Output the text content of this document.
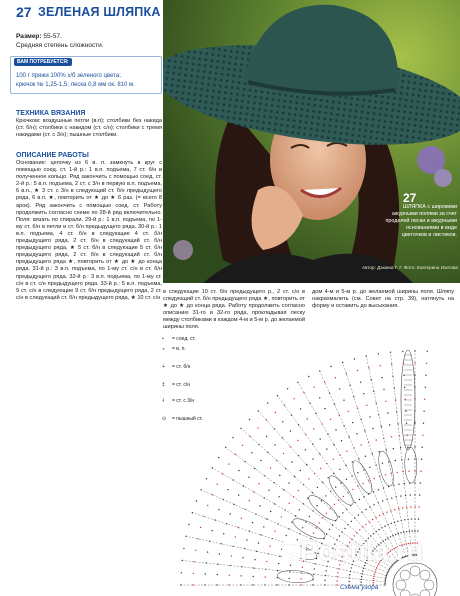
27 ЗЕЛЕНАЯ ШЛЯПКА
Размер: 55-57.
Средняя степень сложности.
ВАМ ПОТРЕБУЕТСЯ:
100 г пряжи 100% х/б зеленого цвета;
крючок № 1,25-1,5; леска 0,8 мм ок. 810 м.
ТЕХНИКА ВЯЗАНИЯ
Крючком: воздушные петли (в.п); столбики без накида (ст. б/н); столбики с накидом (ст. с/н); столбики с тремя накидами (ст. с 3/н); пышные столбики.
ОПИСАНИЕ РАБОТЫ
Основание: цепочку из 6 в. п. замкнуть в круг с помощью соед. ст. 1-й р.: 1 в.п. подъема, 7 ст. б/н в полученное кольцо. Ряд закончить с помощью соед. ст. 2-й р.: 5 в.п. подъема, 2 ст. с 3/н в первую в.п. подъема, 6 в.п., ★ 3 ст. с 3/н в следующий ст. б/н предыдущего ряда, 6 в.п. ★, повторить от ★ до ★ 6 раз. (= всего 8 арок). Ряд закончить с помощью соед. ст. Работу продолжить согласно схеме по 28-й ряд включительно. Поля: вязать по спирали. 29-й р.: 1 в.п. подъема, по 1-му ст. б/н в петли и ст. б/н предыдущего ряда. 30-й р.: 1 в.п. подъема, 4 ст. б/н в следующие 4 ст. б/н предыдущего ряда, 2 ст. б/н в следующий ст. б/н предыдущего ряда, ★ 5 ст. б/н в следующие 5 ст. б/н предыдущего ряда, 2 ст. б/н в следующий ст. б/н предыдущего ряда ★, повторить от ★ до ★ до конца ряда. 31-й р.: 3 в.п. подъема, по 1-му ст. с/н в ст. б/н предыдущего ряда. 32-й р.: 3 в.п. подъема, по 1-му ст. с/н в ст. с/н предыдущего ряда. 33-й р.: 5 в.п. подъема, 9 ст. с/н в следующие 9 ст. б/н предыдущего ряда, 2 ст. с/н в следующий ст. б/н предыдущего ряда, ★ 10 ст. с/н
27
ШЛЯПКА с широкими ажурными полями за счет проделей лески и ажурными основаниями в виде цветочков и листиков.
Автор: Дзюина Г. Г. Фото: Екатерина Изотова
в следующие 10 ст. б/н предыдущего р., 2 ст. с/н в следующий ст. б/н предыдущего ряда ★, повторить от ★ до ★ до конца ряда. Работу продолжить согласно описанию 31-го и 32-го ряда, прокладывая леску между столбиками в каждом 4-м и 5-м р. до желаемой ширины поля.
дом 4-м и 5-м р. до желаемой ширины поля. Шляпу накрахмалить (см. Совет на стр. 39), натянуть на форму и оставить до высыхания.
• = соед. ст.
∘ = в. п.
+ = ст. б/н
‡ = ст. с/н
⸸ = ст. с 3/н
⊙ = пышный ст.
Postila.ru
Схема узора
